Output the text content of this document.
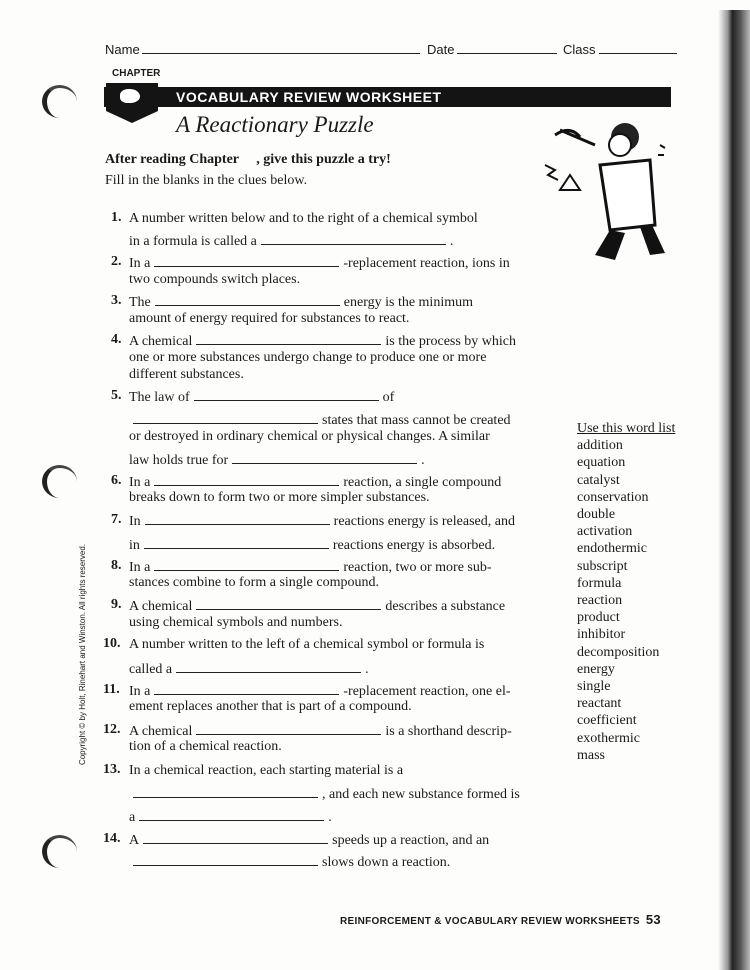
Name	Date	Class
CHAPTER
VOCABULARY REVIEW WORKSHEET
A Reactionary Puzzle
After reading Chapter     , give this puzzle a try!
Fill in the blanks in the clues below.
1. A number written below and to the right of a chemical symbol
in a formula is called a	.
2. In a	-replacement reaction, ions in
two compounds switch places.
3. The	energy is the minimum
amount of energy required for substances to react.
4. A chemical	is the process by which
one or more substances undergo change to produce one or more
different substances.
5. The law of	of
states that mass cannot be created
or destroyed in ordinary chemical or physical changes. A similar
law holds true for	.
6. In a	reaction, a single compound
breaks down to form two or more simpler substances.
7. In	reactions energy is released, and
in	reactions energy is absorbed.
8. In a	reaction, two or more sub-
stances combine to form a single compound.
9. A chemical	describes a substance
using chemical symbols and numbers.
10. A number written to the left of a chemical symbol or formula is
called a	.
11. In a	-replacement reaction, one el-
ement replaces another that is part of a compound.
12. A chemical	is a shorthand descrip-
tion of a chemical reaction.
13. In a chemical reaction, each starting material is a
, and each new substance formed is
a	.
14. A	speeds up a reaction, and an
slows down a reaction.
Use this word list
addition
equation
catalyst
conservation
double
activation
endothermic
subscript
formula
reaction
product
inhibitor
decomposition
energy
single
reactant
coefficient
exothermic
mass
Copyright © by Holt, Rinehart and Winston. All rights reserved.
REINFORCEMENT & VOCABULARY REVIEW WORKSHEETS 53
